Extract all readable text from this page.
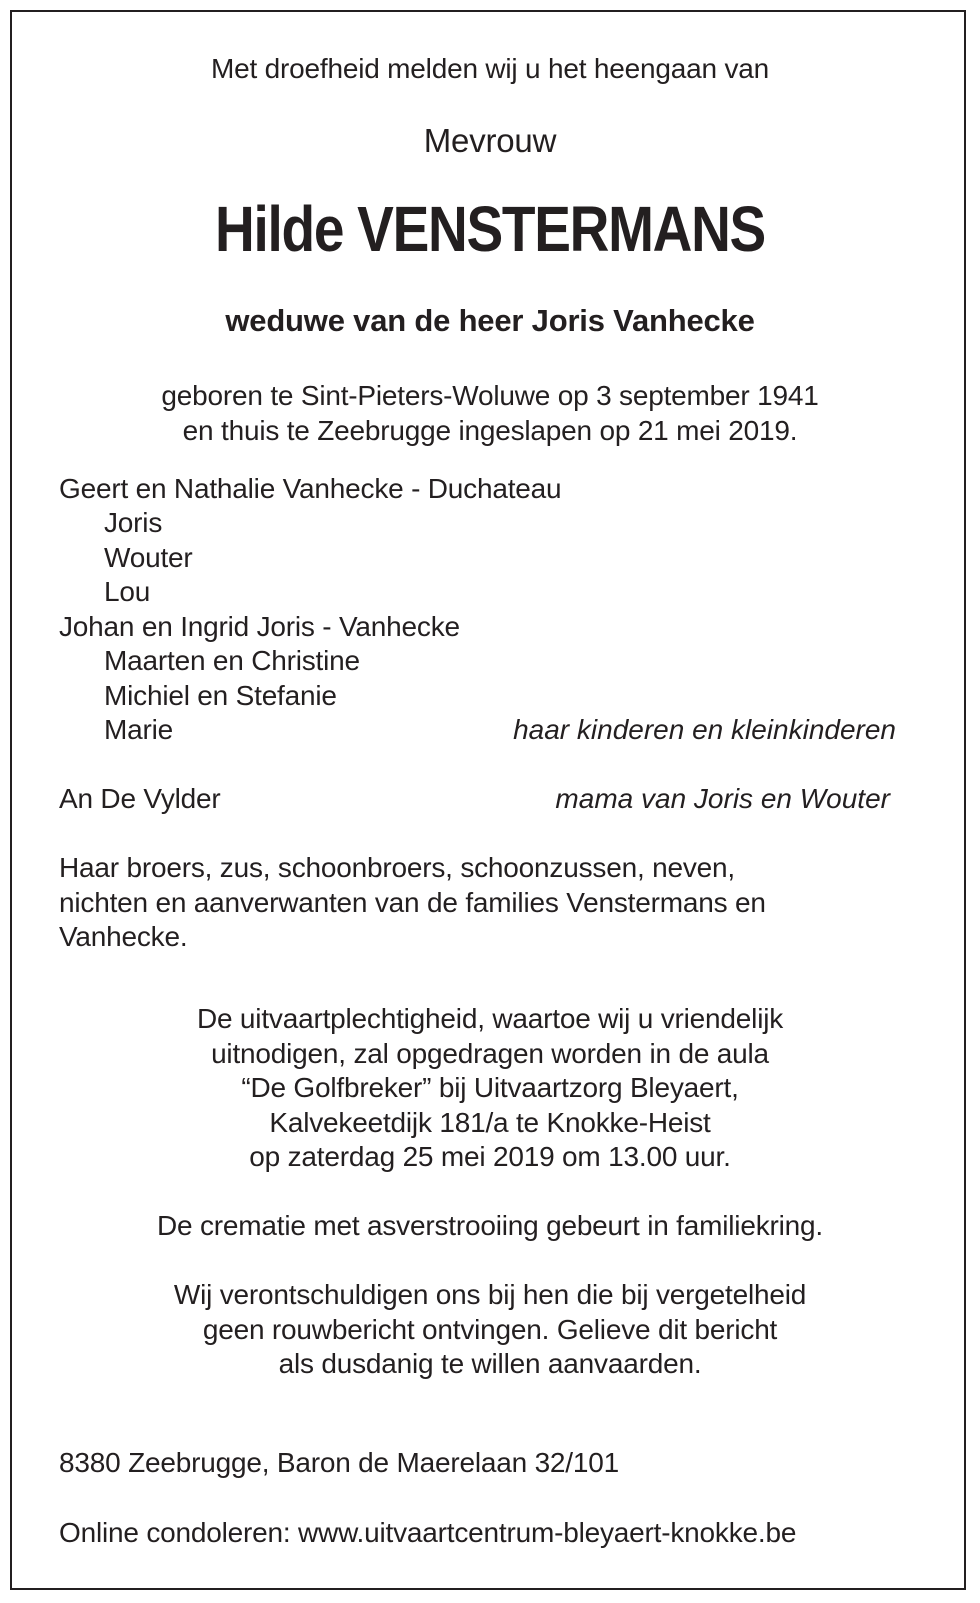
Met droefheid melden wij u het heengaan van
Mevrouw
Hilde VENSTERMANS
weduwe van de heer Joris Vanhecke
geboren te Sint-Pieters-Woluwe op 3 september 1941
en thuis te Zeebrugge ingeslapen op 21 mei 2019.
Geert en Nathalie Vanhecke - Duchateau
Joris
Wouter
Lou
Johan en Ingrid Joris - Vanhecke
Maarten en Christine
Michiel en Stefanie
Marie	haar kinderen en kleinkinderen
An De Vylder	mama van Joris en Wouter
Haar broers, zus, schoonbroers, schoonzussen, neven,
nichten en aanverwanten van de families Venstermans en
Vanhecke.
De uitvaartplechtigheid, waartoe wij u vriendelijk
uitnodigen, zal opgedragen worden in de aula
“De Golfbreker” bij Uitvaartzorg Bleyaert,
Kalvekeetdijk 181/a te Knokke-Heist
op zaterdag 25 mei 2019 om 13.00 uur.
De crematie met asverstrooiing gebeurt in familiekring.
Wij verontschuldigen ons bij hen die bij vergetelheid
geen rouwbericht ontvingen. Gelieve dit bericht
als dusdanig te willen aanvaarden.
8380 Zeebrugge, Baron de Maerelaan 32/101
Online condoleren: www.uitvaartcentrum-bleyaert-knokke.be
